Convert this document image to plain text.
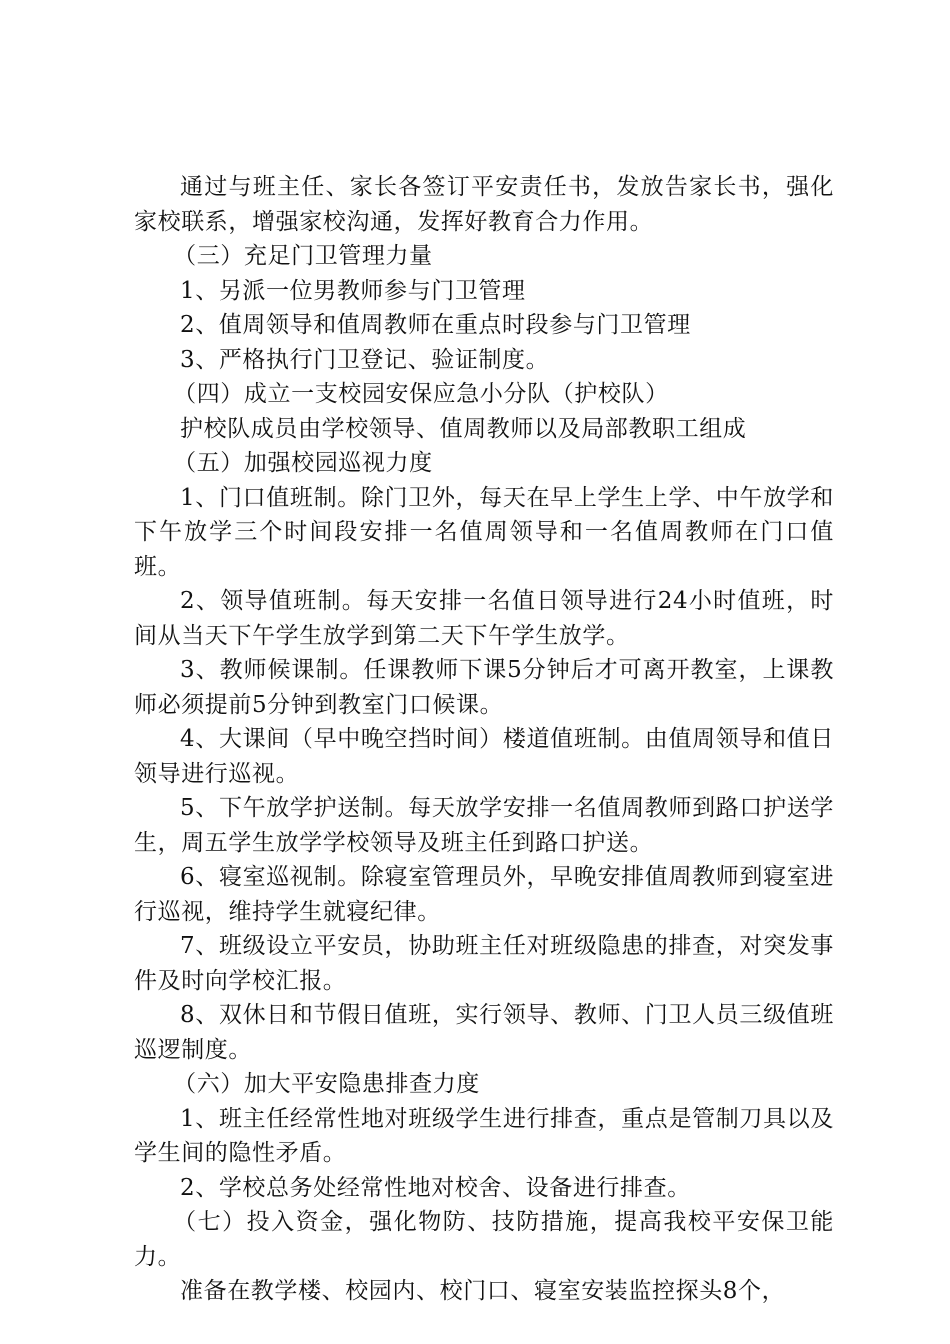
通过与班主任、家长各签订平安责任书，发放告家长书，强化家校联系，增强家校沟通，发挥好教育合力作用。

（三）充足门卫管理力量

1、另派一位男教师参与门卫管理

2、值周领导和值周教师在重点时段参与门卫管理

3、严格执行门卫登记、验证制度。

（四）成立一支校园安保应急小分队（护校队）

护校队成员由学校领导、值周教师以及局部教职工组成

（五）加强校园巡视力度

1、门口值班制。除门卫外，每天在早上学生上学、中午放学和下午放学三个时间段安排一名值周领导和一名值周教师在门口值班。

2、领导值班制。每天安排一名值日领导进行24小时值班，时间从当天下午学生放学到第二天下午学生放学。

3、教师候课制。任课教师下课5分钟后才可离开教室，上课教师必须提前5分钟到教室门口候课。

4、大课间（早中晚空挡时间）楼道值班制。由值周领导和值日领导进行巡视。

5、下午放学护送制。每天放学安排一名值周教师到路口护送学生，周五学生放学学校领导及班主任到路口护送。

6、寝室巡视制。除寝室管理员外，早晚安排值周教师到寝室进行巡视，维持学生就寝纪律。

7、班级设立平安员，协助班主任对班级隐患的排查，对突发事件及时向学校汇报。

8、双休日和节假日值班，实行领导、教师、门卫人员三级值班巡逻制度。

（六）加大平安隐患排查力度

1、班主任经常性地对班级学生进行排查，重点是管制刀具以及学生间的隐性矛盾。

2、学校总务处经常性地对校舍、设备进行排查。

（七）投入资金，强化物防、技防措施，提高我校平安保卫能力。

准备在教学楼、校园内、校门口、寝室安装监控探头8个，
